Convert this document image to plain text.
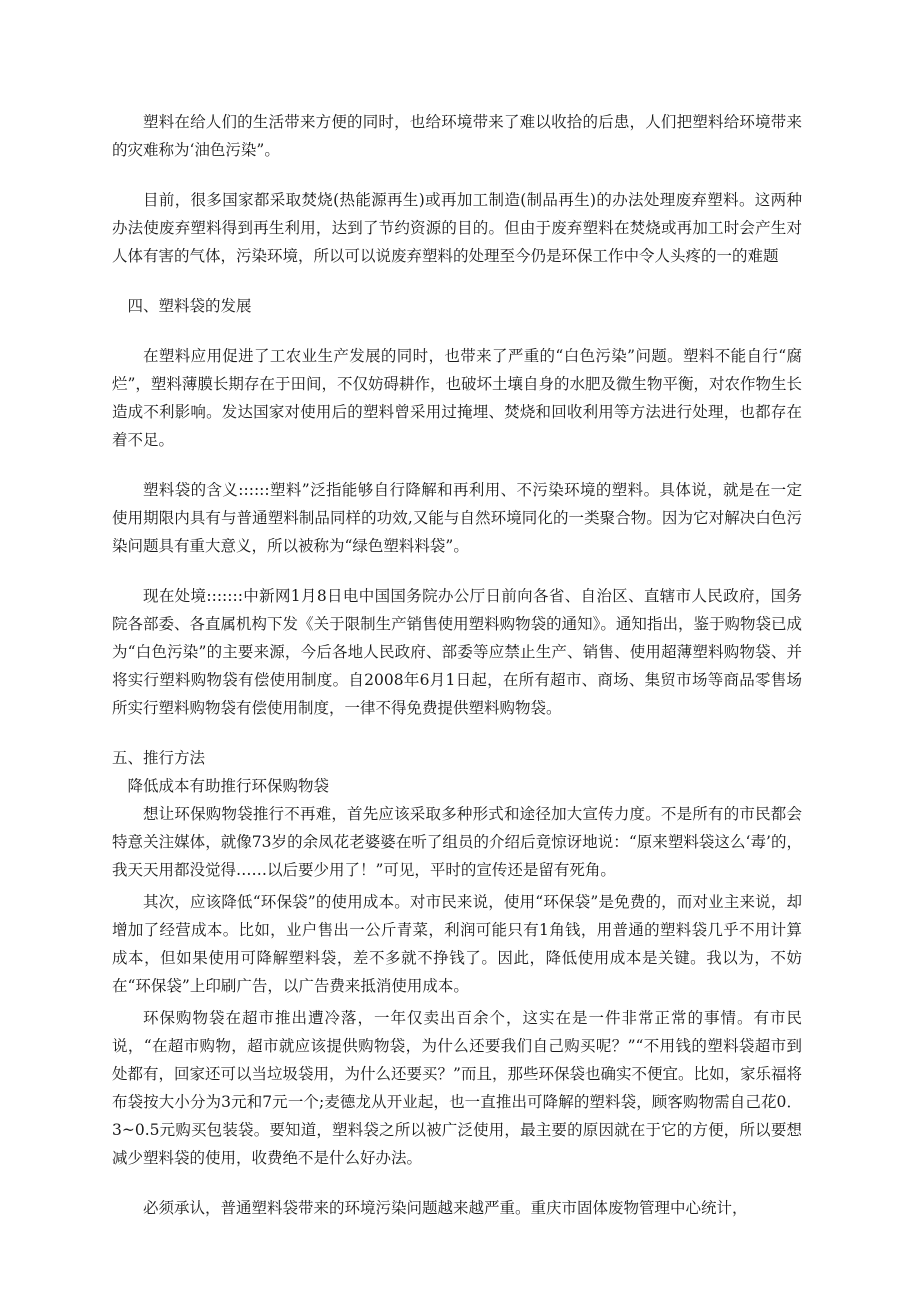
塑料在给人们的生活带来方便的同时，也给环境带来了难以收拾的后患，人们把塑料给环境带来的灾难称为‘油色污染”。

目前，很多国家都采取焚烧(热能源再生)或再加工制造(制品再生)的办法处理废弃塑料。这两种办法使废弃塑料得到再生利用，达到了节约资源的目的。但由于废弃塑料在焚烧或再加工时会产生对人体有害的气体，污染环境，所以可以说废弃塑料的处理至今仍是环保工作中令人头疼的一的难题

四、塑料袋的发展

在塑料应用促进了工农业生产发展的同时，也带来了严重的“白色污染”问题。塑料不能自行“腐烂”，塑料薄膜长期存在于田间，不仅妨碍耕作，也破坏土壤自身的水肥及微生物平衡，对农作物生长造成不利影响。发达国家对使用后的塑料曾采用过掩埋、焚烧和回收利用等方法进行处理，也都存在着不足。

塑料袋的含义::::::塑料”泛指能够自行降解和再利用、不污染环境的塑料。具体说，就是在一定使用期限内具有与普通塑料制品同样的功效,又能与自然环境同化的一类聚合物。因为它对解决白色污染问题具有重大意义，所以被称为“绿色塑料料袋”。

现在处境:::::::中新网1月8日电中国国务院办公厅日前向各省、自治区、直辖市人民政府，国务院各部委、各直属机构下发《关于限制生产销售使用塑料购物袋的通知》。通知指出，鉴于购物袋已成为“白色污染”的主要来源，今后各地人民政府、部委等应禁止生产、销售、使用超薄塑料购物袋、并将实行塑料购物袋有偿使用制度。自2008年6月1日起，在所有超市、商场、集贸市场等商品零售场所实行塑料购物袋有偿使用制度，一律不得免费提供塑料购物袋。

五、推行方法

降低成本有助推行环保购物袋

想让环保购物袋推行不再难，首先应该采取多种形式和途径加大宣传力度。不是所有的市民都会特意关注媒体，就像73岁的余凤花老婆婆在听了组员的介绍后竟惊讶地说：“原来塑料袋这么‘毒’的，我天天用都没觉得……以后要少用了！”可见，平时的宣传还是留有死角。

其次，应该降低“环保袋”的使用成本。对市民来说，使用“环保袋”是免费的，而对业主来说，却增加了经营成本。比如，业户售出一公斤青菜，利润可能只有1角钱，用普通的塑料袋几乎不用计算成本，但如果使用可降解塑料袋，差不多就不挣钱了。因此，降低使用成本是关键。我以为，不妨在“环保袋”上印刷广告，以广告费来抵消使用成本。

环保购物袋在超市推出遭冷落，一年仅卖出百余个，这实在是一件非常正常的事情。有市民说，“在超市购物，超市就应该提供购物袋，为什么还要我们自己购买呢？”“不用钱的塑料袋超市到处都有，回家还可以当垃圾袋用，为什么还要买？”而且，那些环保袋也确实不便宜。比如，家乐福将布袋按大小分为3元和7元一个;麦德龙从开业起，也一直推出可降解的塑料袋，顾客购物需自己花0．3~0.5元购买包装袋。要知道，塑料袋之所以被广泛使用，最主要的原因就在于它的方便，所以要想减少塑料袋的使用，收费绝不是什么好办法。

必须承认，普通塑料袋带来的环境污染问题越来越严重。重庆市固体废物管理中心统计，
